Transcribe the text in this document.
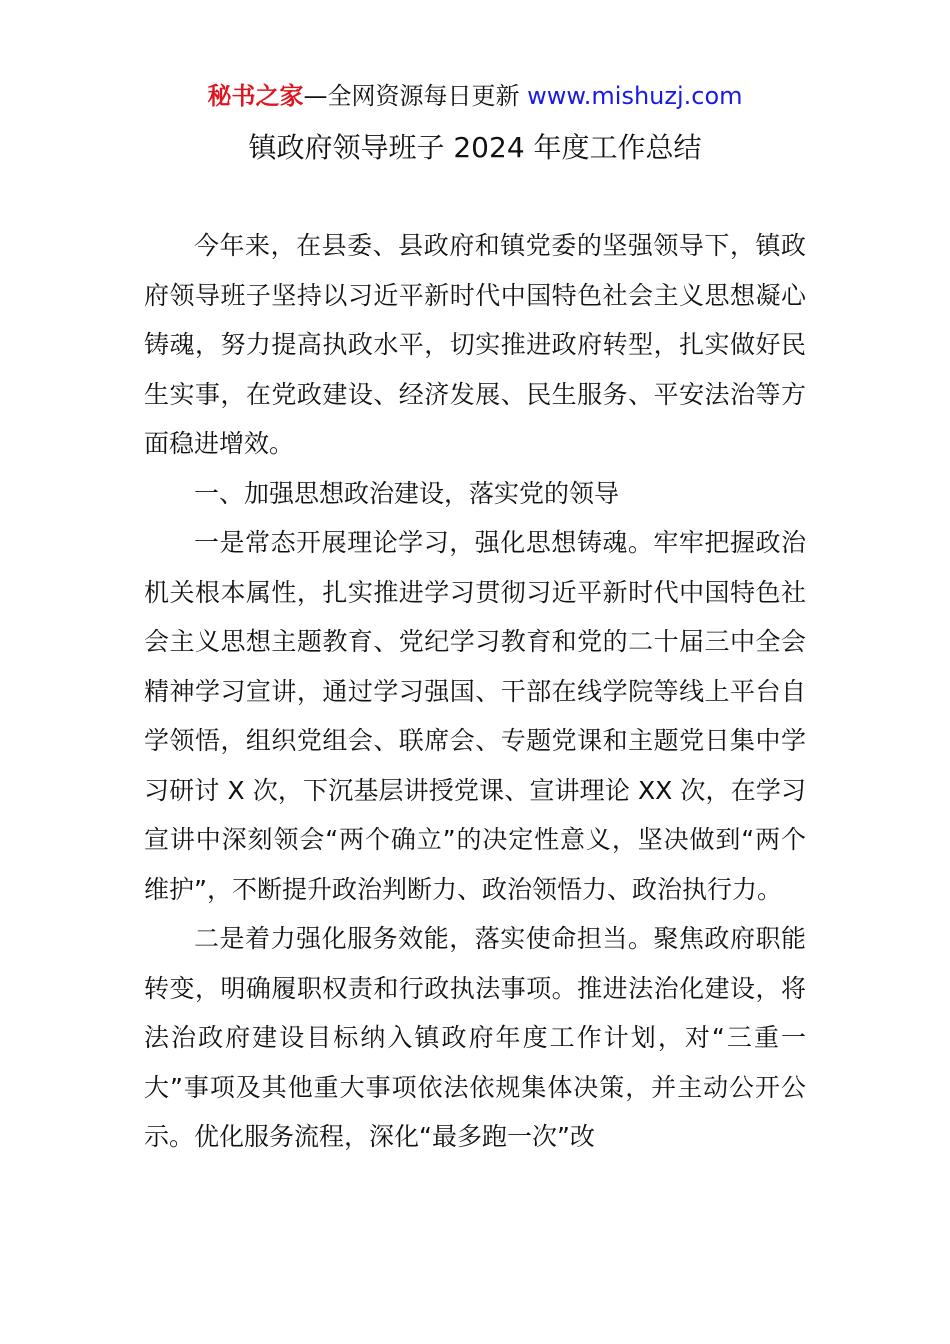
秘书之家—全网资源每日更新 www.mishuzj.com
镇政府领导班子 2024 年度工作总结

今年来，在县委、县政府和镇党委的坚强领导下，镇政府领导班子坚持以习近平新时代中国特色社会主义思想凝心铸魂，努力提高执政水平，切实推进政府转型，扎实做好民生实事，在党政建设、经济发展、民生服务、平安法治等方面稳进增效。

一、加强思想政治建设，落实党的领导

一是常态开展理论学习，强化思想铸魂。牢牢把握政治机关根本属性，扎实推进学习贯彻习近平新时代中国特色社会主义思想主题教育、党纪学习教育和党的二十届三中全会精神学习宣讲，通过学习强国、干部在线学院等线上平台自学领悟，组织党组会、联席会、专题党课和主题党日集中学习研讨 X 次，下沉基层讲授党课、宣讲理论 XX 次，在学习宣讲中深刻领会“两个确立”的决定性意义，坚决做到“两个维护”，不断提升政治判断力、政治领悟力、政治执行力。

二是着力强化服务效能，落实使命担当。聚焦政府职能转变，明确履职权责和行政执法事项。推进法治化建设，将法治政府建设目标纳入镇政府年度工作计划，对“三重一大”事项及其他重大事项依法依规集体决策，并主动公开公示。优化服务流程，深化“最多跑一次”改
